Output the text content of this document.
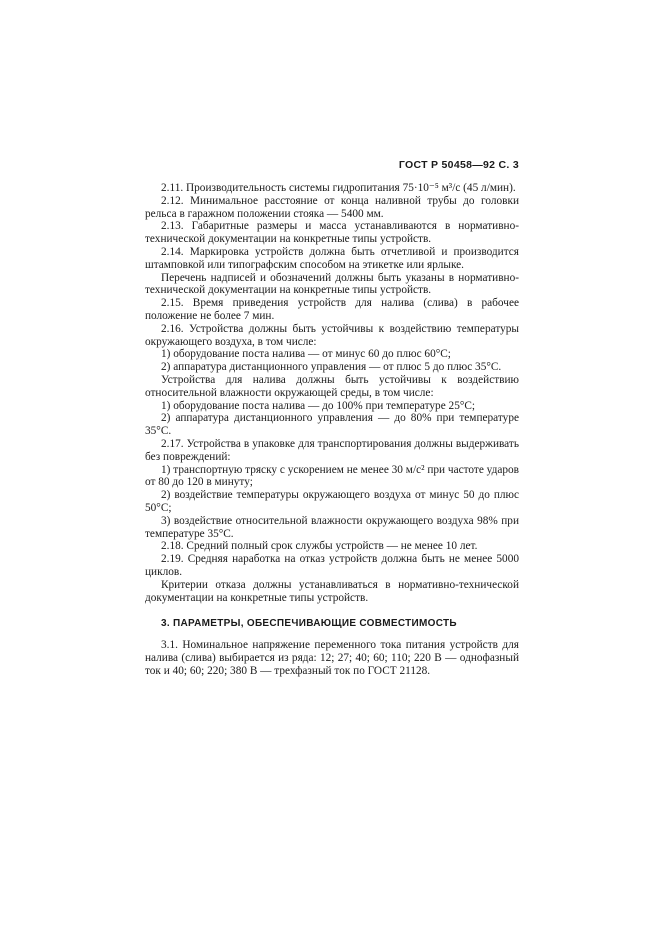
ГОСТ Р 50458—92 С. 3

2.11. Производительность системы гидропитания 75·10⁻⁵ м³/с (45 л/мин).

2.12. Минимальное расстояние от конца наливной трубы до головки рельса в гаражном положении стояка — 5400 мм.

2.13. Габаритные размеры и масса устанавливаются в нормативно-технической документации на конкретные типы устройств.

2.14. Маркировка устройств должна быть отчетливой и производится штамповкой или типографским способом на этикетке или ярлыке.

Перечень надписей и обозначений должны быть указаны в нормативно-технической документации на конкретные типы устройств.

2.15. Время приведения устройств для налива (слива) в рабочее положение не более 7 мин.

2.16. Устройства должны быть устойчивы к воздействию температуры окружающего воздуха, в том числе:

1) оборудование поста налива — от минус 60 до плюс 60°С;

2) аппаратура дистанционного управления — от плюс 5 до плюс 35°С.

Устройства для налива должны быть устойчивы к воздействию относительной влажности окружающей среды, в том числе:

1) оборудование поста налива — до 100% при температуре 25°С;

2) аппаратура дистанционного управления — до 80% при температуре 35°С.

2.17. Устройства в упаковке для транспортирования должны выдерживать без повреждений:

1) транспортную тряску с ускорением не менее 30 м/с² при частоте ударов от 80 до 120 в минуту;

2) воздействие температуры окружающего воздуха от минус 50 до плюс 50°С;

3) воздействие относительной влажности окружающего воздуха 98% при температуре 35°С.

2.18. Средний полный срок службы устройств — не менее 10 лет.

2.19. Средняя наработка на отказ устройств должна быть не менее 5000 циклов.

Критерии отказа должны устанавливаться в нормативно-технической документации на конкретные типы устройств.

3. ПАРАМЕТРЫ, ОБЕСПЕЧИВАЮЩИЕ СОВМЕСТИМОСТЬ

3.1. Номинальное напряжение переменного тока питания устройств для налива (слива) выбирается из ряда: 12; 27; 40; 60; 110; 220 В — однофазный ток и 40; 60; 220; 380 В — трехфазный ток по ГОСТ 21128.
